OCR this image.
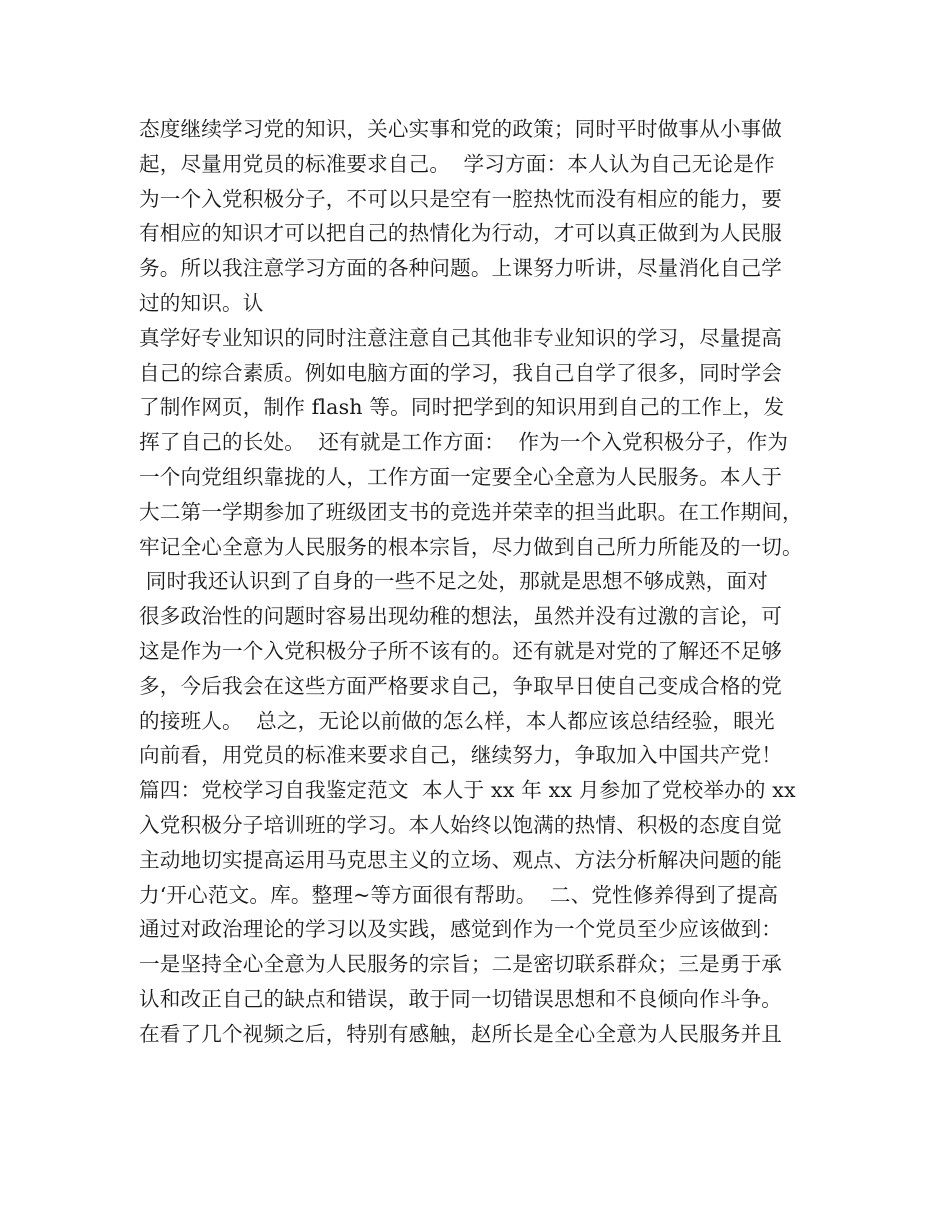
态度继续学习党的知识，关心实事和党的政策；同时平时做事从小事做
起，尽量用党员的标准要求自己。  学习方面：本人认为自己无论是作
为一个入党积极分子，不可以只是空有一腔热忱而没有相应的能力，要
有相应的知识才可以把自己的热情化为行动，才可以真正做到为人民服
务。所以我注意学习方面的各种问题。上课努力听讲，尽量消化自己学
过的知识。认
真学好专业知识的同时注意注意自己其他非专业知识的学习，尽量提高
自己的综合素质。例如电脑方面的学习，我自己自学了很多，同时学会
了制作网页，制作 flash 等。同时把学到的知识用到自己的工作上，发
挥了自己的长处。  还有就是工作方面：  作为一个入党积极分子，作为
一个向党组织靠拢的人，工作方面一定要全心全意为人民服务。本人于
大二第一学期参加了班级团支书的竞选并荣幸的担当此职。在工作期间，
牢记全心全意为人民服务的根本宗旨，尽力做到自己所力所能及的一切。
同时我还认识到了自身的一些不足之处，那就是思想不够成熟，面对
很多政治性的问题时容易出现幼稚的想法，虽然并没有过激的言论，可
这是作为一个入党积极分子所不该有的。还有就是对党的了解还不足够
多，今后我会在这些方面严格要求自己，争取早日使自己变成合格的党
的接班人。  总之，无论以前做的怎么样，本人都应该总结经验，眼光
向前看，用党员的标准来要求自己，继续努力，争取加入中国共产党！
篇四：党校学习自我鉴定范文  本人于 xx 年 xx 月参加了党校举办的 xx
入党积极分子培训班的学习。本人始终以饱满的热情、积极的态度自觉
主动地切实提高运用马克思主义的立场、观点、方法分析解决问题的能
力‘开心范文。库。整理~等方面很有帮助。  二、党性修养得到了提高
通过对政治理论的学习以及实践，感觉到作为一个党员至少应该做到：
一是坚持全心全意为人民服务的宗旨；二是密切联系群众；三是勇于承
认和改正自己的缺点和错误，敢于同一切错误思想和不良倾向作斗争。
在看了几个视频之后，特别有感触，赵所长是全心全意为人民服务并且
